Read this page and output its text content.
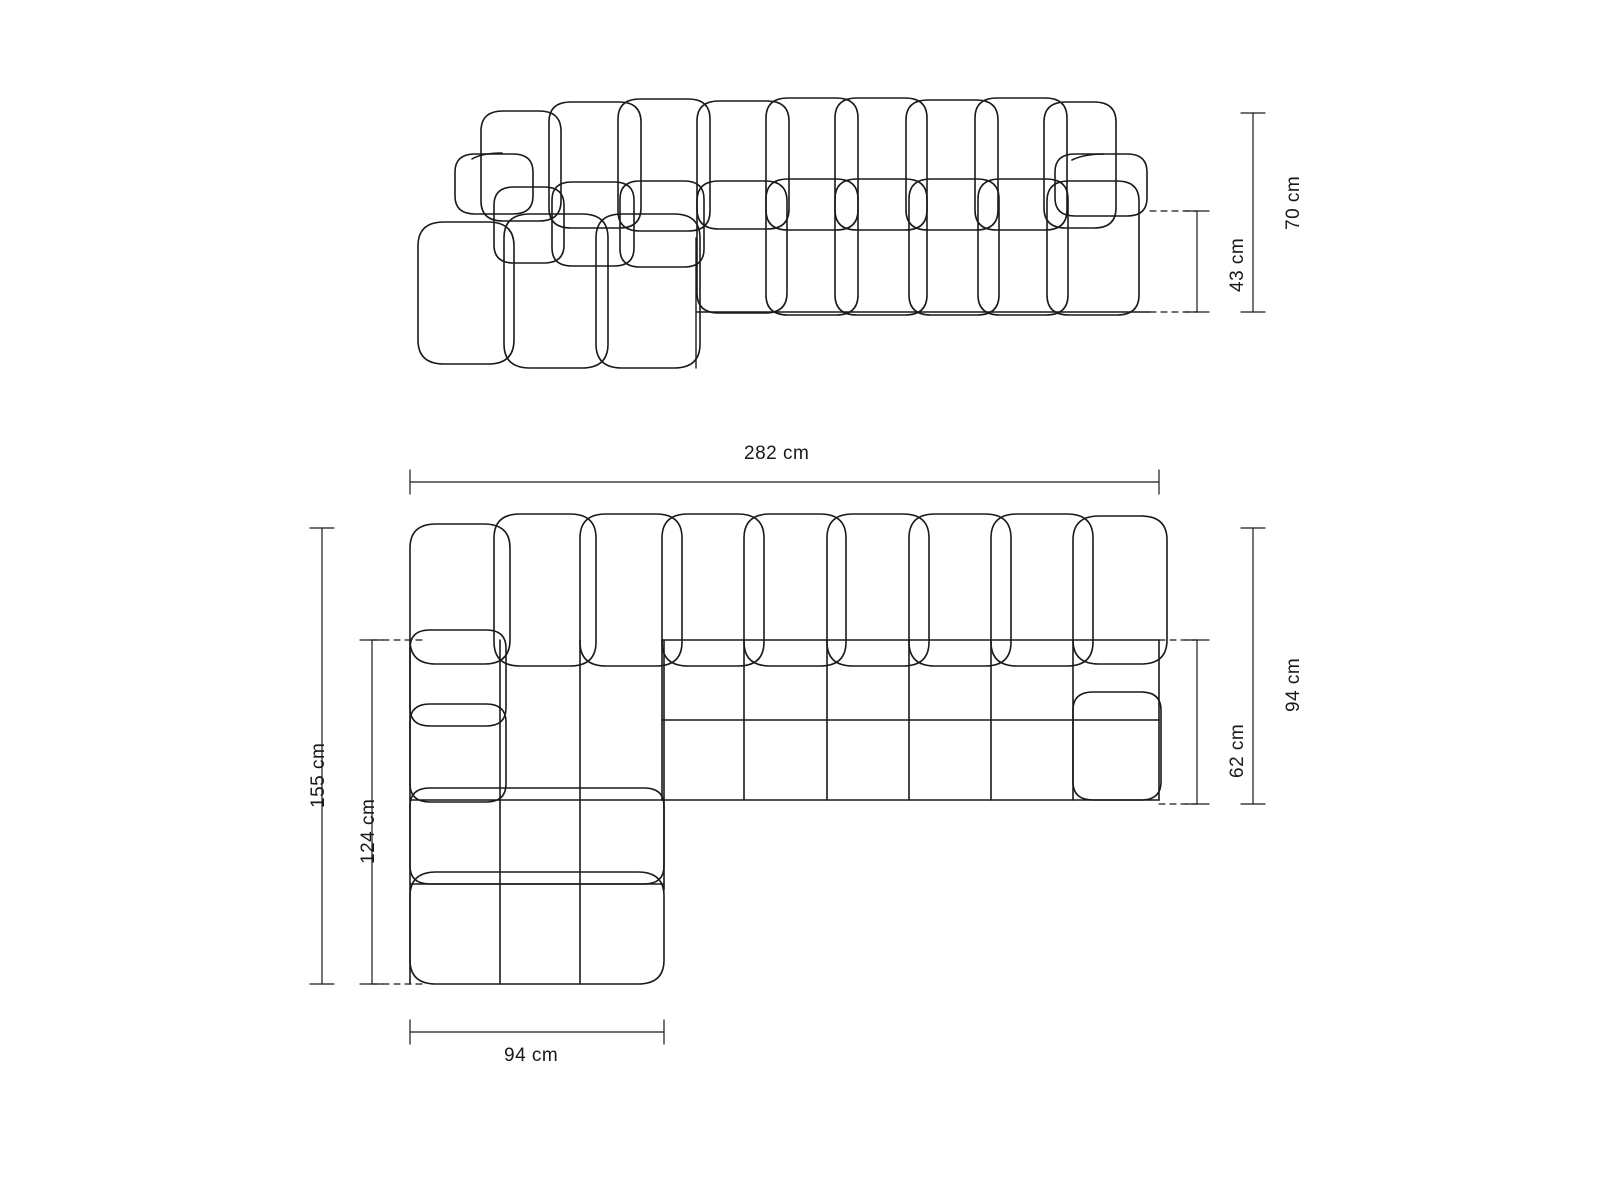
70 cm
43 cm
282 cm
155 cm
124 cm
94 cm
62 cm
94 cm
